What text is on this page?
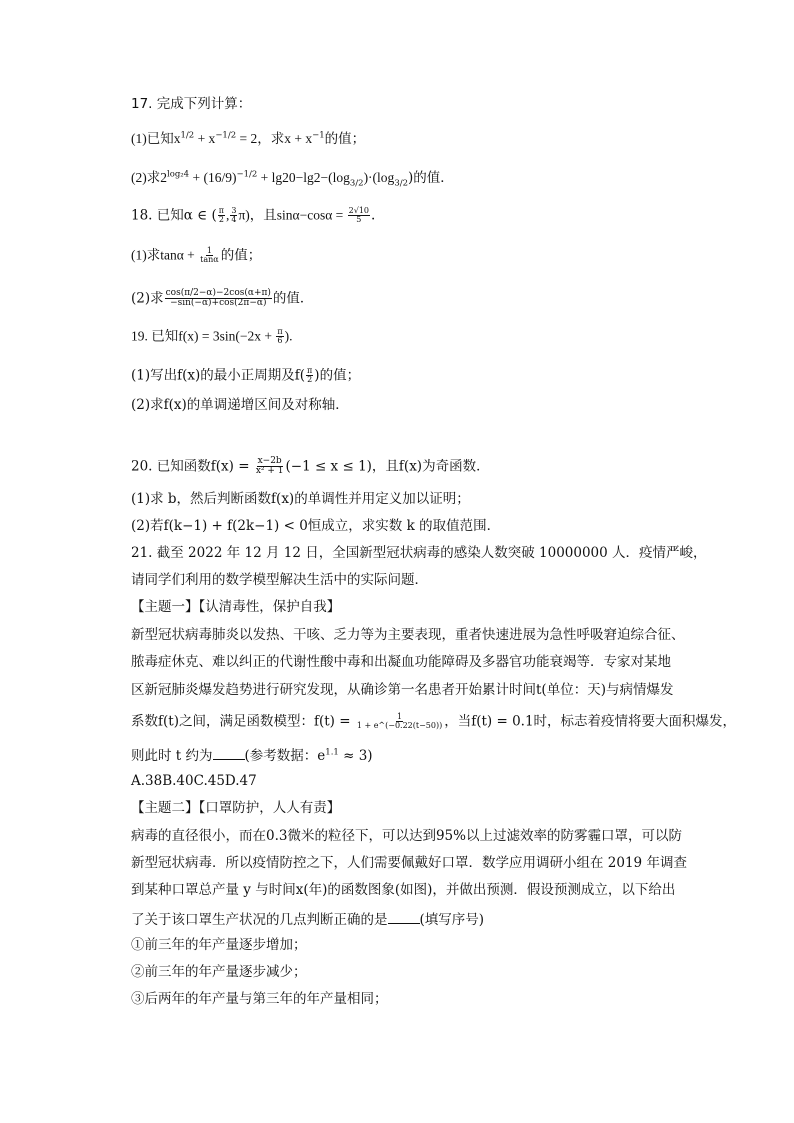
17. 完成下列计算：
(1)已知$x^{1/2} + x^{-1/2} = 2$，求$x + x^{-1}$的值；
(2)求$2^{log_24} + (16/9)^{-1/2} + \lg 20-\lg 2-(\log_{3/2})\cdot(\log_{3/2})$的值．
18. 已知α ∈ ( $\frac{\pi}{2}$ , $\frac{3}{4} \pi$)，且$\sin\alpha-\cos\alpha = \frac{2√10}{5}$ .
(1)求$\tan\alpha + \frac{1}{\tan\alpha}$ 的值；
(2)求 $\frac{\cos(\pi/2-\alpha)-2\cos(\alpha+\pi)}{-\sin(-\alpha)+\cos(2\pi-\alpha)}$ 的值．
19. 已知$f(x) = 3\sin(-2x + \frac{\pi}{6}$ ).
(1)写出f(x)的最小正周期及$f( \frac{\pi}{2}$ )的值；
(2)求f(x)的单调递增区间及对称轴．
20. 已知函数$f(x) = \frac{x-2b}{\text{x² + 1}} (-1 \le x \le 1)$，且f(x)为奇函数．
(1)求 b，然后判断函数f(x)的单调性并用定义加以证明；
(2)若f(k−1) + f(2k−1) < 0恒成立，求实数 k 的取值范围．
21. 截至 2022 年 12 月 12 日，全国新型冠状病毒的感染人数突破 10000000 人．疫情严峻，
请同学们利用的数学模型解决生活中的实际问题．
【主题一】【认清毒性，保护自我】
新型冠状病毒肺炎以发热、干咳、乏力等为主要表现，重者快速进展为急性呼吸窘迫综合征、
脓毒症休克、难以纠正的代谢性酸中毒和出凝血功能障碍及多器官功能衰竭等．专家对某地
区新冠肺炎爆发趋势进行研究发现，从确诊第一名患者开始累计时间t(单位：天)与病情爆发
系数f(t)之间，满足函数模型：$f(t) = \frac{1}{1 + e\^{}(-0.22(t-50))}$ ，当f(t) = 0.1时，标志着疫情将要大面积爆发，
则此时 t 约为 (参考数据：$e^{1.1} \approx 3$)
A.38B.40C.45D.47
【主题二】【口罩防护，人人有责】
病毒的直径很小，而在0.3微米的粒径下，可以达到95%以上过滤效率的防雾霾口罩，可以防
新型冠状病毒．所以疫情防控之下，人们需要佩戴好口罩．数学应用调研小组在 2019 年调查
到某种口罩总产量 y 与时间x(年)的函数图象(如图)，并做出预测．假设预测成立，以下给出
了关于该口罩生产状况的几点判断正确的是 (填写序号)
①前三年的年产量逐步增加；
②前三年的年产量逐步减少；
③后两年的年产量与第三年的年产量相同；
